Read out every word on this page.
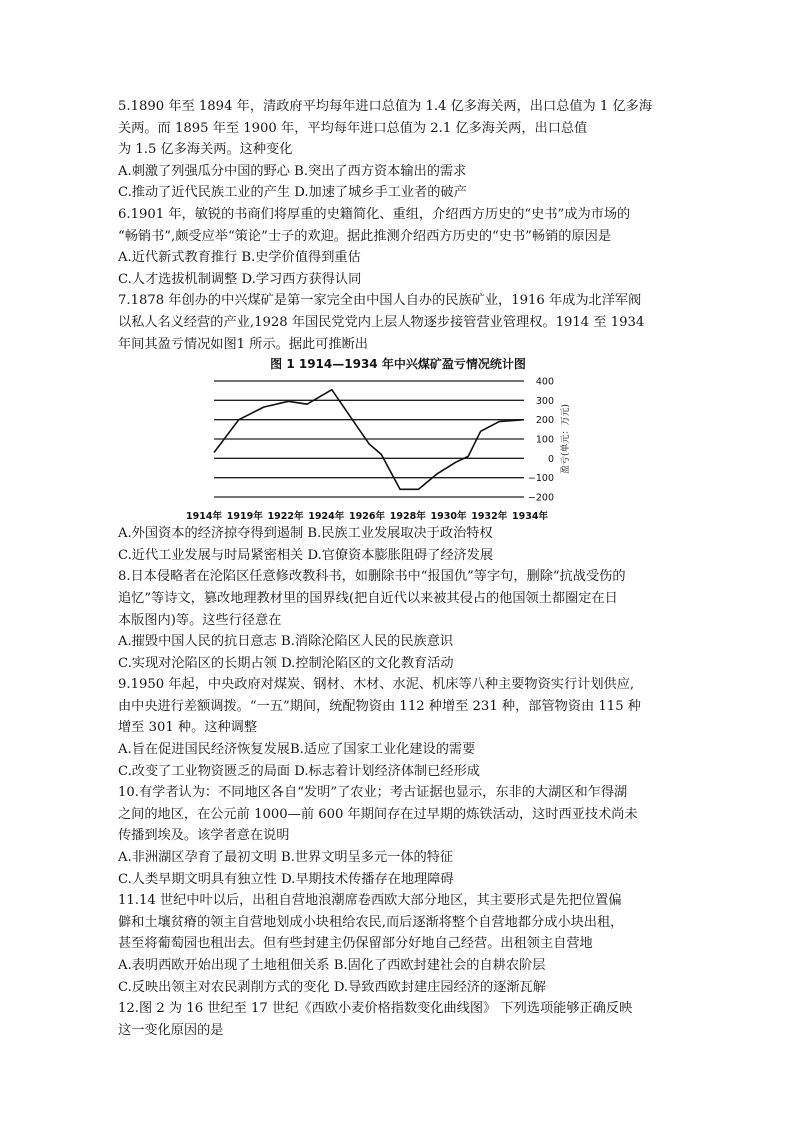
5.1890 年至 1894 年，清政府平均每年进口总值为 1.4 亿多海关两，出口总值为 1 亿多海
关两。而 1895 年至 1900 年，平均每年进口总值为 2.1 亿多海关两，出口总值
为 1.5 亿多海关两。这种变化
A.刺激了列强瓜分中国的野心 B.突出了西方资本输出的需求
C.推动了近代民族工业的产生 D.加速了城乡手工业者的破产
6.1901 年，敏锐的书商们将厚重的史籍简化、重组，介绍西方历史的“史书”成为市场的
“畅销书”,颇受应举“策论”士子的欢迎。据此推测介绍西方历史的“史书”畅销的原因是
A.近代新式教育推行 B.史学价值得到重估
C.人才选拔机制调整 D.学习西方获得认同
7.1878 年创办的中兴煤矿是第一家完全由中国人自办的民族矿业，1916 年成为北洋军阀
以私人名义经营的产业,1928 年国民党党内上层人物逐步接管营业管理权。1914 至 1934
年间其盈亏情况如图1 所示。据此可推断出
图 1 1914—1934 年中兴煤矿盈亏情况统计图
400
300
200
100
0
−100
−200
盈亏(单元：万元)
1914年 1919年 1922年 1924年 1926年 1928年 1930年 1932年 1934年
A.外国资本的经济掠夺得到遏制 B.民族工业发展取决于政治特权
C.近代工业发展与时局紧密相关 D.官僚资本膨胀阻碍了经济发展
8.日本侵略者在沦陷区任意修改教科书，如删除书中“报国仇”等字句，删除“抗战受伤的
追忆”等诗文，篡改地理教材里的国界线(把自近代以来被其侵占的他国领土都圈定在日
本版图内)等。这些行径意在
A.摧毁中国人民的抗日意志 B.消除沦陷区人民的民族意识
C.实现对沦陷区的长期占领 D.控制沦陷区的文化教育活动
9.1950 年起，中央政府对煤炭、钢材、木材、水泥、机床等八种主要物资实行计划供应,
由中央进行差额调拨。“一五”期间，统配物资由 112 种增至 231 种，部管物资由 115 种
增至 301 种。这种调整
A.旨在促进国民经济恢复发展B.适应了国家工业化建设的需要
C.改变了工业物资匮乏的局面 D.标志着计划经济体制已经形成
10.有学者认为：不同地区各自“发明”了农业；考古证据也显示，东非的大湖区和乍得湖
之间的地区，在公元前 1000—前 600 年期间存在过早期的炼铁活动，这时西亚技术尚未
传播到埃及。该学者意在说明
A.非洲湖区孕育了最初文明 B.世界文明呈多元一体的特征
C.人类早期文明具有独立性 D.早期技术传播存在地理障碍
11.14 世纪中叶以后，出租自营地浪潮席卷西欧大部分地区，其主要形式是先把位置偏
僻和土壤贫瘠的领主自营地划成小块租给农民,而后逐渐将整个自营地都分成小块出租，
甚至将葡萄园也租出去。但有些封建主仍保留部分好地自己经营。出租领主自营地
A.表明西欧开始出现了土地租佃关系 B.固化了西欧封建社会的自耕农阶层
C.反映出领主对农民剥削方式的变化 D.导致西欧封建庄园经济的逐渐瓦解
12.图 2 为 16 世纪至 17 世纪《西欧小麦价格指数变化曲线图》 下列选项能够正确反映
这一变化原因的是
